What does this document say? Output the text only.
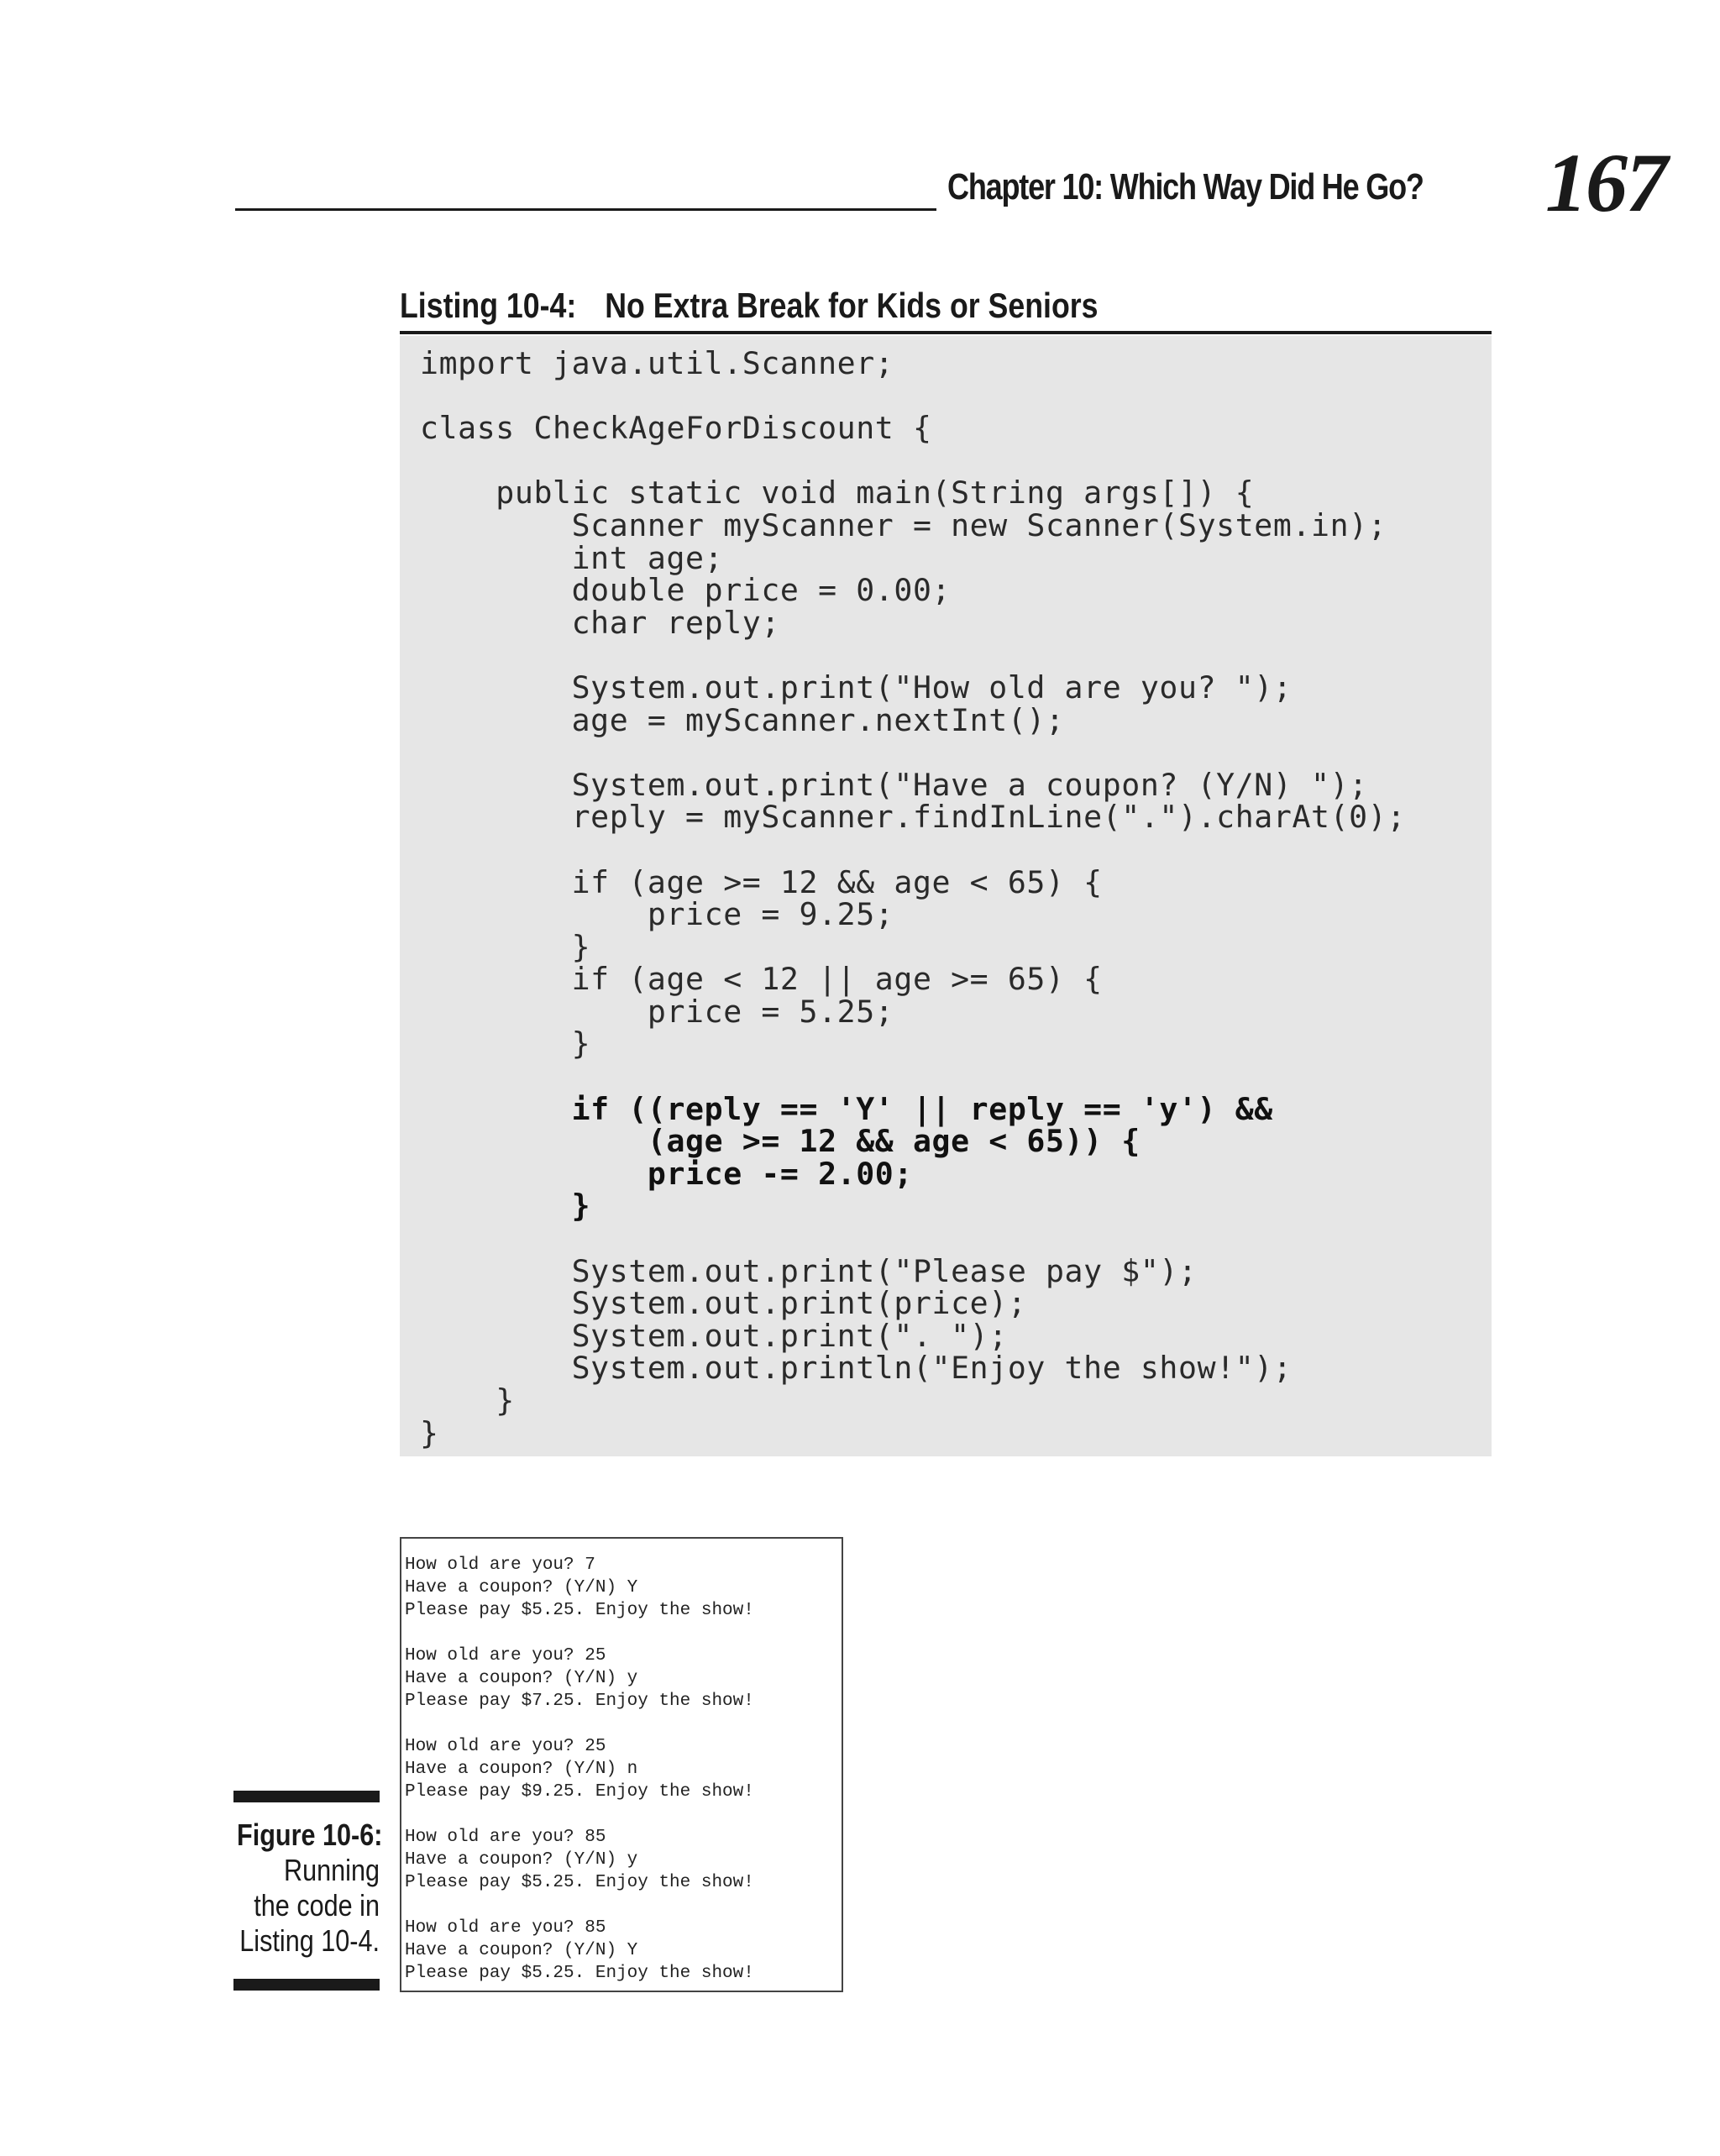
Chapter 10: Which Way Did He Go? 167
Listing 10-4: No Extra Break for Kids or Seniors
import java.util.Scanner;
class CheckAgeForDiscount {
public static void main(String args[]) {
Scanner myScanner = new Scanner(System.in);
int age;
double price = 0.00;
char reply;
System.out.print("How old are you? ");
age = myScanner.nextInt();
System.out.print("Have a coupon? (Y/N) ");
reply = myScanner.findInLine(".").charAt(0);
if (age >= 12 && age < 65) {
price = 9.25;
}
if (age < 12 || age >= 65) {
price = 5.25;
}
if ((reply == 'Y' || reply == 'y') &&
(age >= 12 && age < 65)) {
price -= 2.00;
}
System.out.print("Please pay $");
System.out.print(price);
System.out.print(". ");
System.out.println("Enjoy the show!");
}
}
Figure 10-6:
Running
the code in
Listing 10-4.
How old are you? 7
Have a coupon? (Y/N) Y
Please pay $5.25. Enjoy the show!
How old are you? 25
Have a coupon? (Y/N) y
Please pay $7.25. Enjoy the show!
How old are you? 25
Have a coupon? (Y/N) n
Please pay $9.25. Enjoy the show!
How old are you? 85
Have a coupon? (Y/N) y
Please pay $5.25. Enjoy the show!
How old are you? 85
Have a coupon? (Y/N) Y
Please pay $5.25. Enjoy the show!
